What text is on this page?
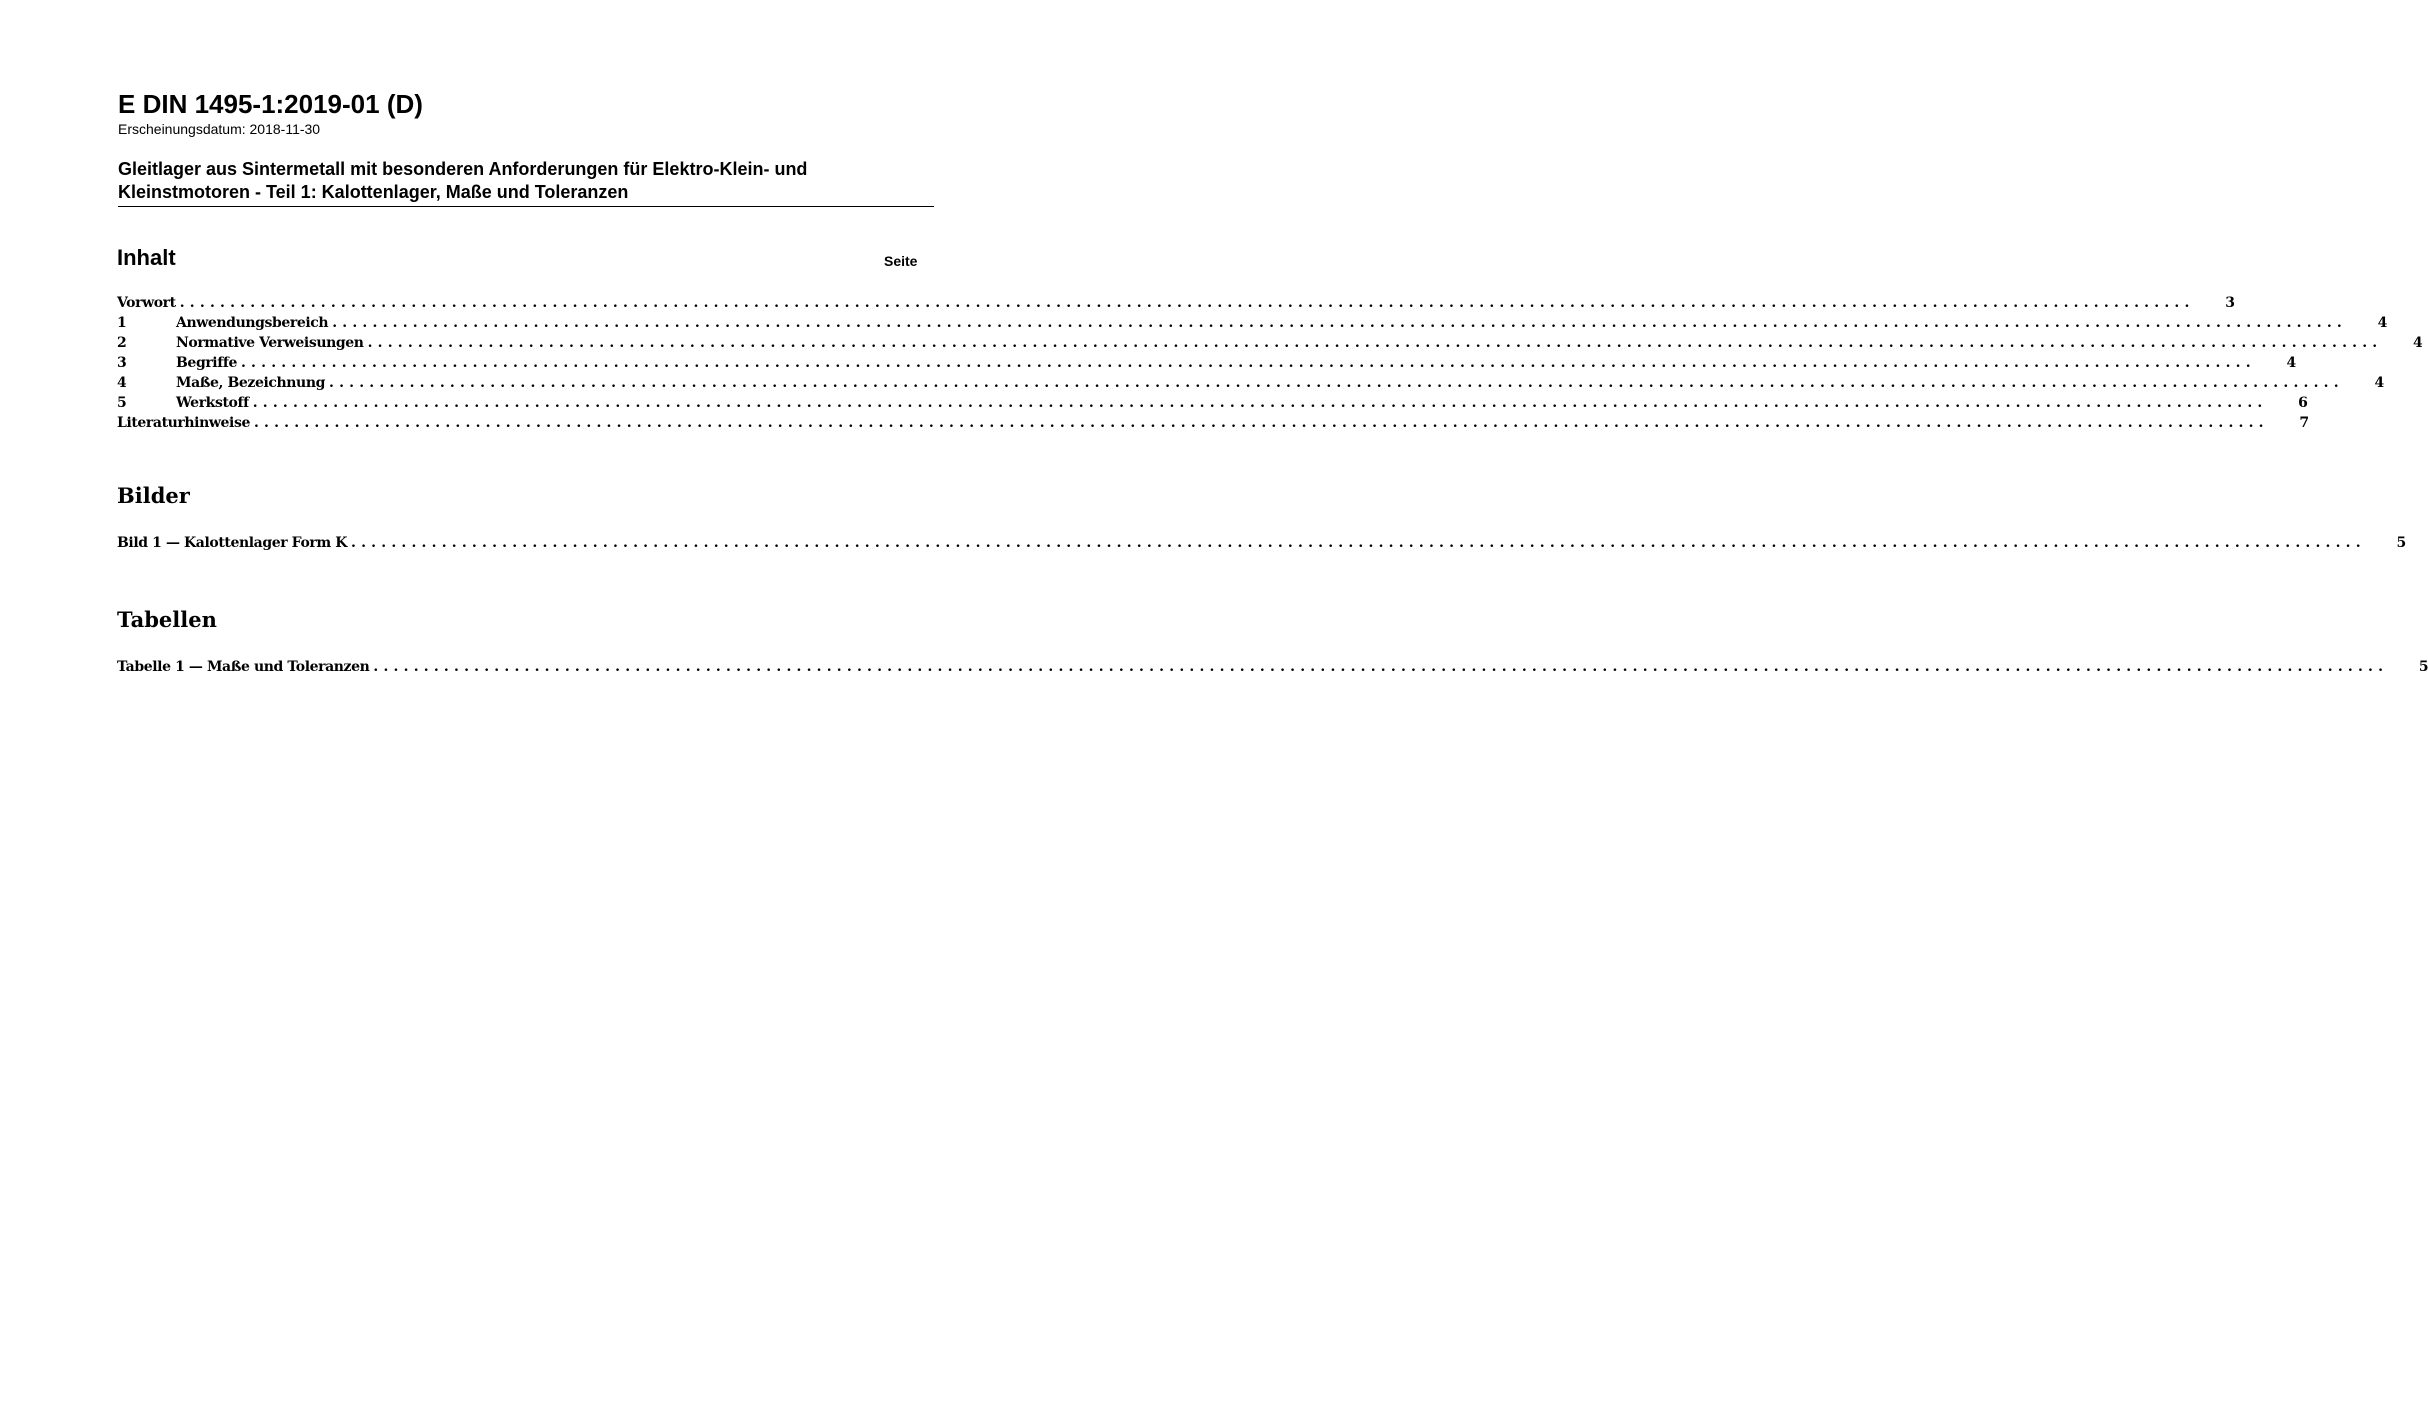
E DIN 1495-1:2019-01 (D)

Erscheinungsdatum: 2018-11-30

Gleitlager aus Sintermetall mit besonderen Anforderungen für Elektro-Klein- und Kleinstmotoren - Teil 1: Kalottenlager, Maße und Toleranzen
Inhalt	Seite
Vorwort ........................................................................................................................................................................................................	3
1	Anwendungsbereich ........................................................................................................................................................................................................	4
2	Normative Verweisungen ........................................................................................................................................................................................................	4
3	Begriffe ........................................................................................................................................................................................................	4
4	Maße, Bezeichnung ........................................................................................................................................................................................................	4
5	Werkstoff ........................................................................................................................................................................................................	6
Literaturhinweise ........................................................................................................................................................................................................	7
Bilder
Bild 1 — Kalottenlager Form K ........................................................................................................................................................................................................	5
Tabellen
Tabelle 1 — Maße und Toleranzen ........................................................................................................................................................................................................	5
